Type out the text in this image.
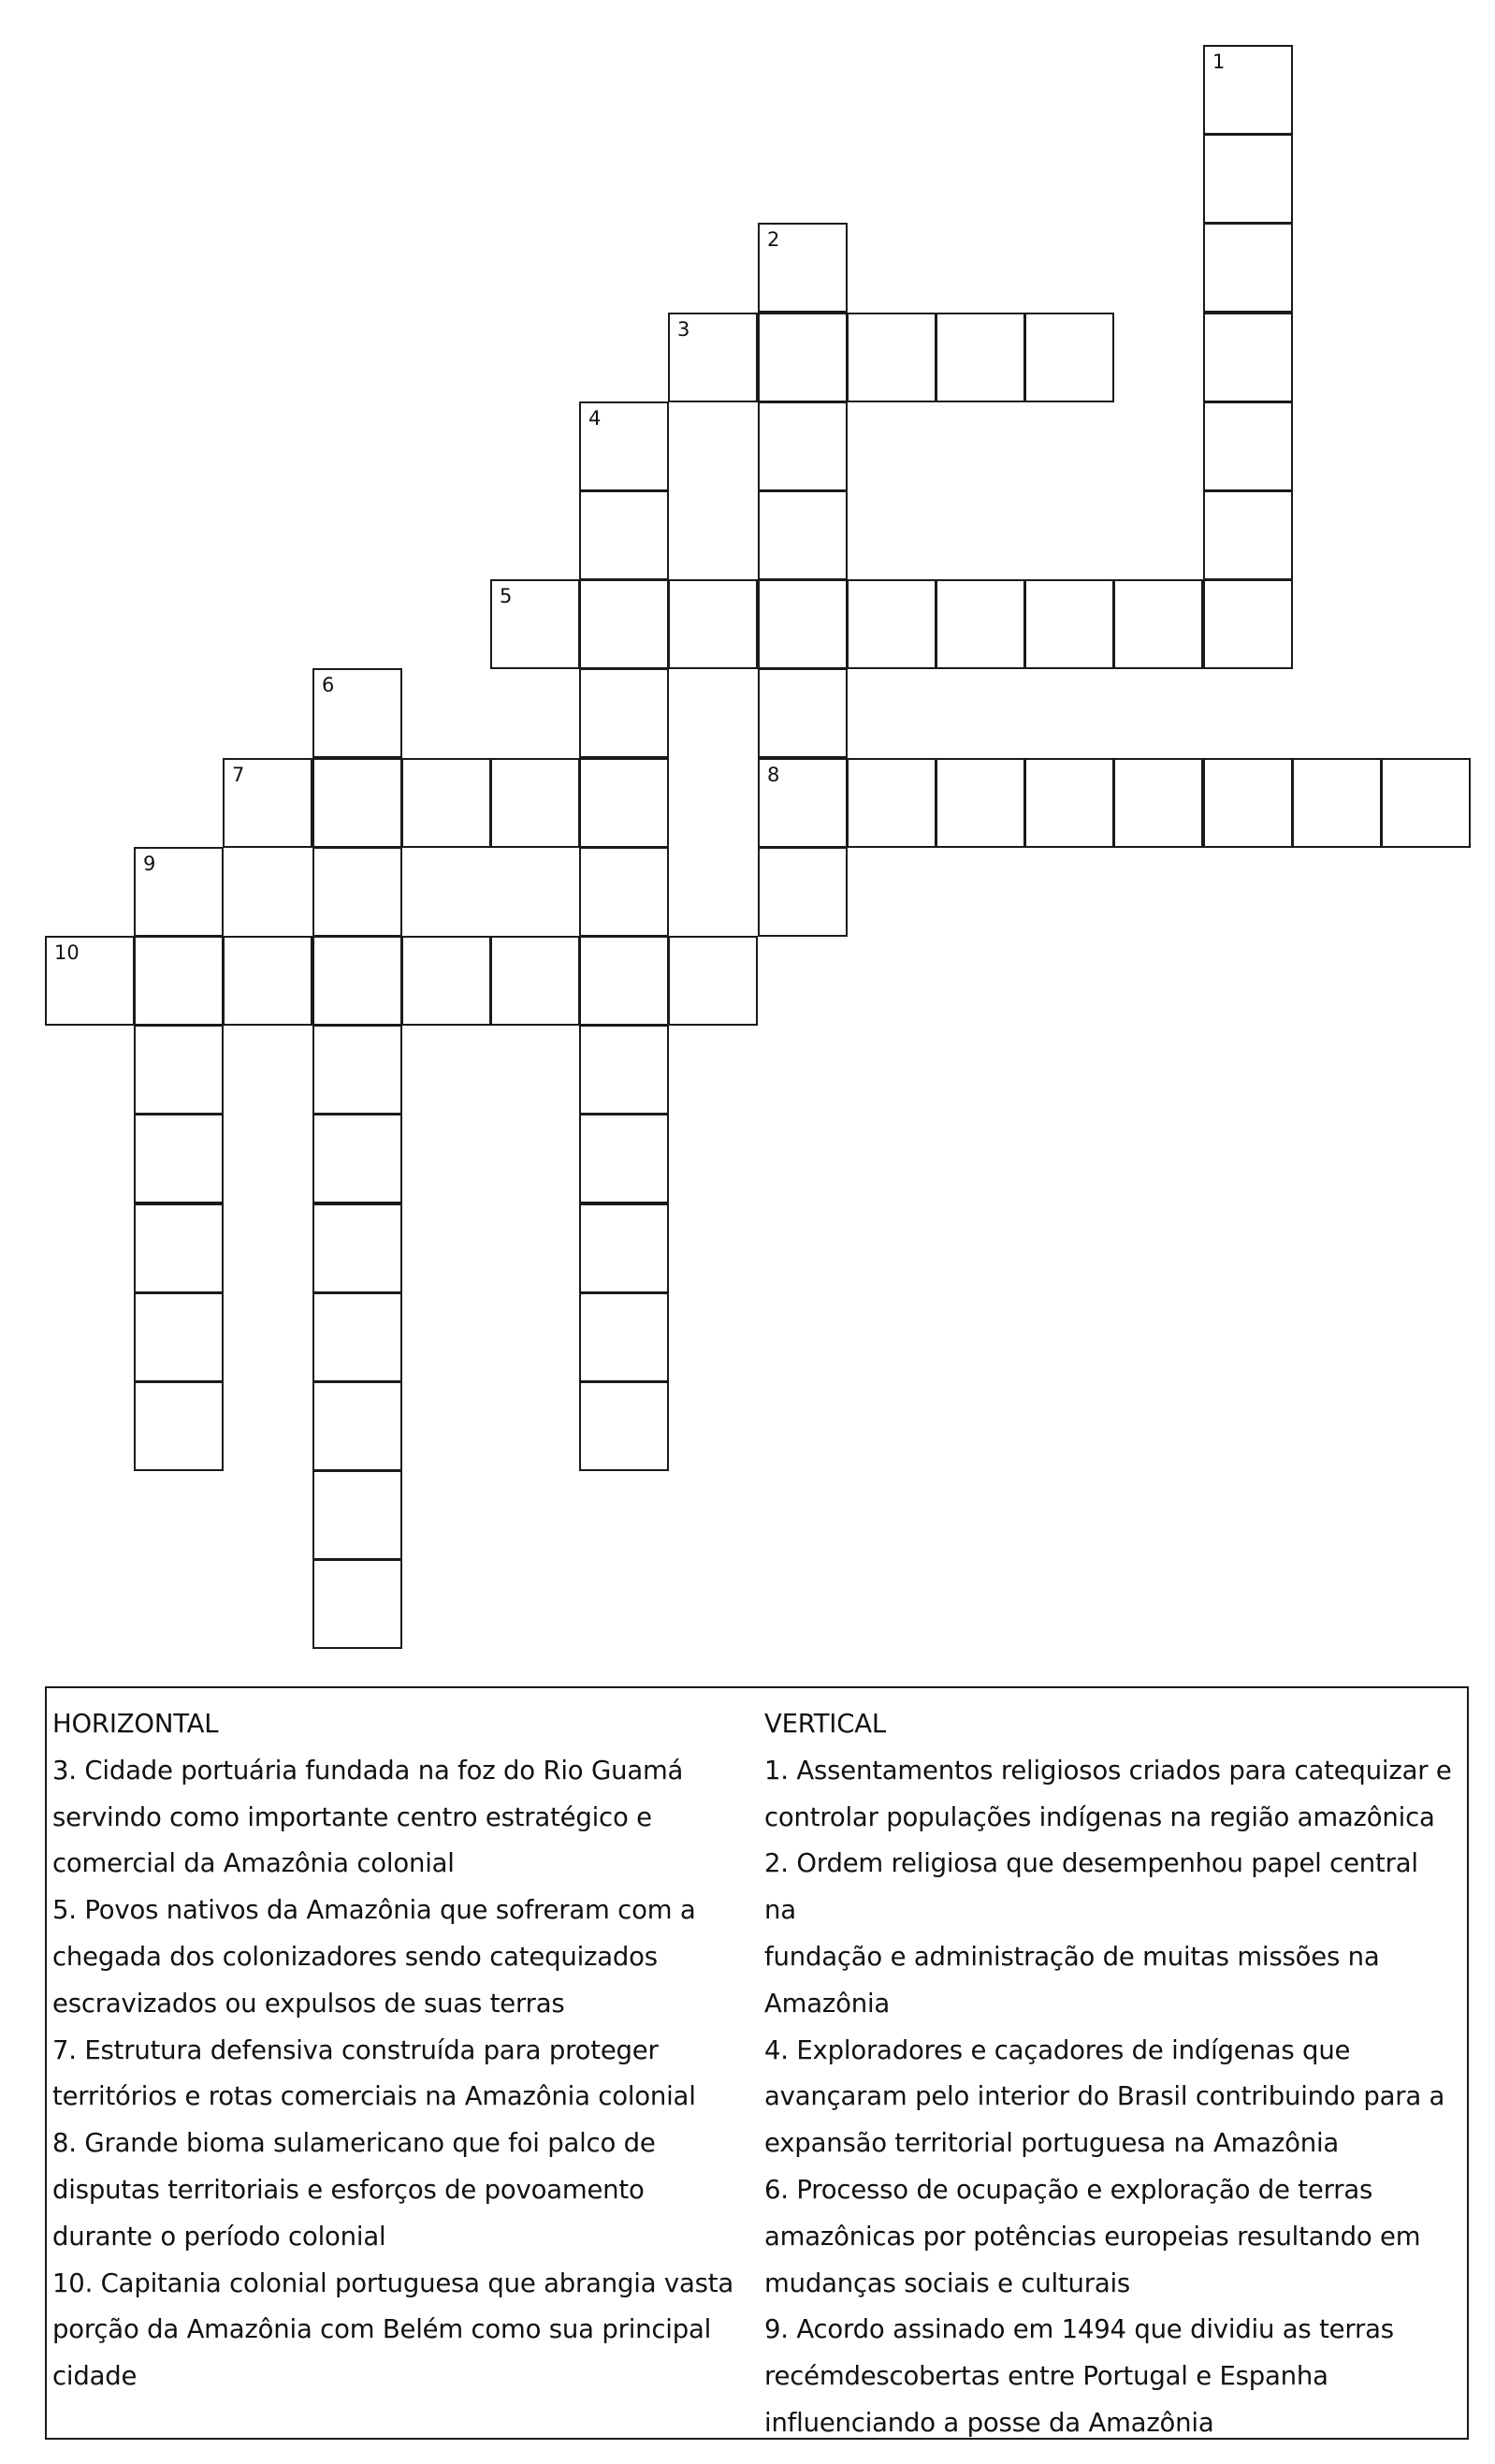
1
2
8
3
4
5
6
7
9
10
HORIZONTAL
3. Cidade portuária fundada na foz do Rio Guamá
servindo como importante centro estratégico e
comercial da Amazônia colonial
5. Povos nativos da Amazônia que sofreram com a
chegada dos colonizadores sendo catequizados
escravizados ou expulsos de suas terras
7. Estrutura defensiva construída para proteger
territórios e rotas comerciais na Amazônia colonial
8. Grande bioma sulamericano que foi palco de
disputas territoriais e esforços de povoamento
durante o período colonial
10. Capitania colonial portuguesa que abrangia vasta
porção da Amazônia com Belém como sua principal
cidade
VERTICAL
1. Assentamentos religiosos criados para catequizar e
controlar populações indígenas na região amazônica
2. Ordem religiosa que desempenhou papel central na
fundação e administração de muitas missões na
Amazônia
4. Exploradores e caçadores de indígenas que
avançaram pelo interior do Brasil contribuindo para a
expansão territorial portuguesa na Amazônia
6. Processo de ocupação e exploração de terras
amazônicas por potências europeias resultando em
mudanças sociais e culturais
9. Acordo assinado em 1494 que dividiu as terras
recémdescobertas entre Portugal e Espanha
influenciando a posse da Amazônia
